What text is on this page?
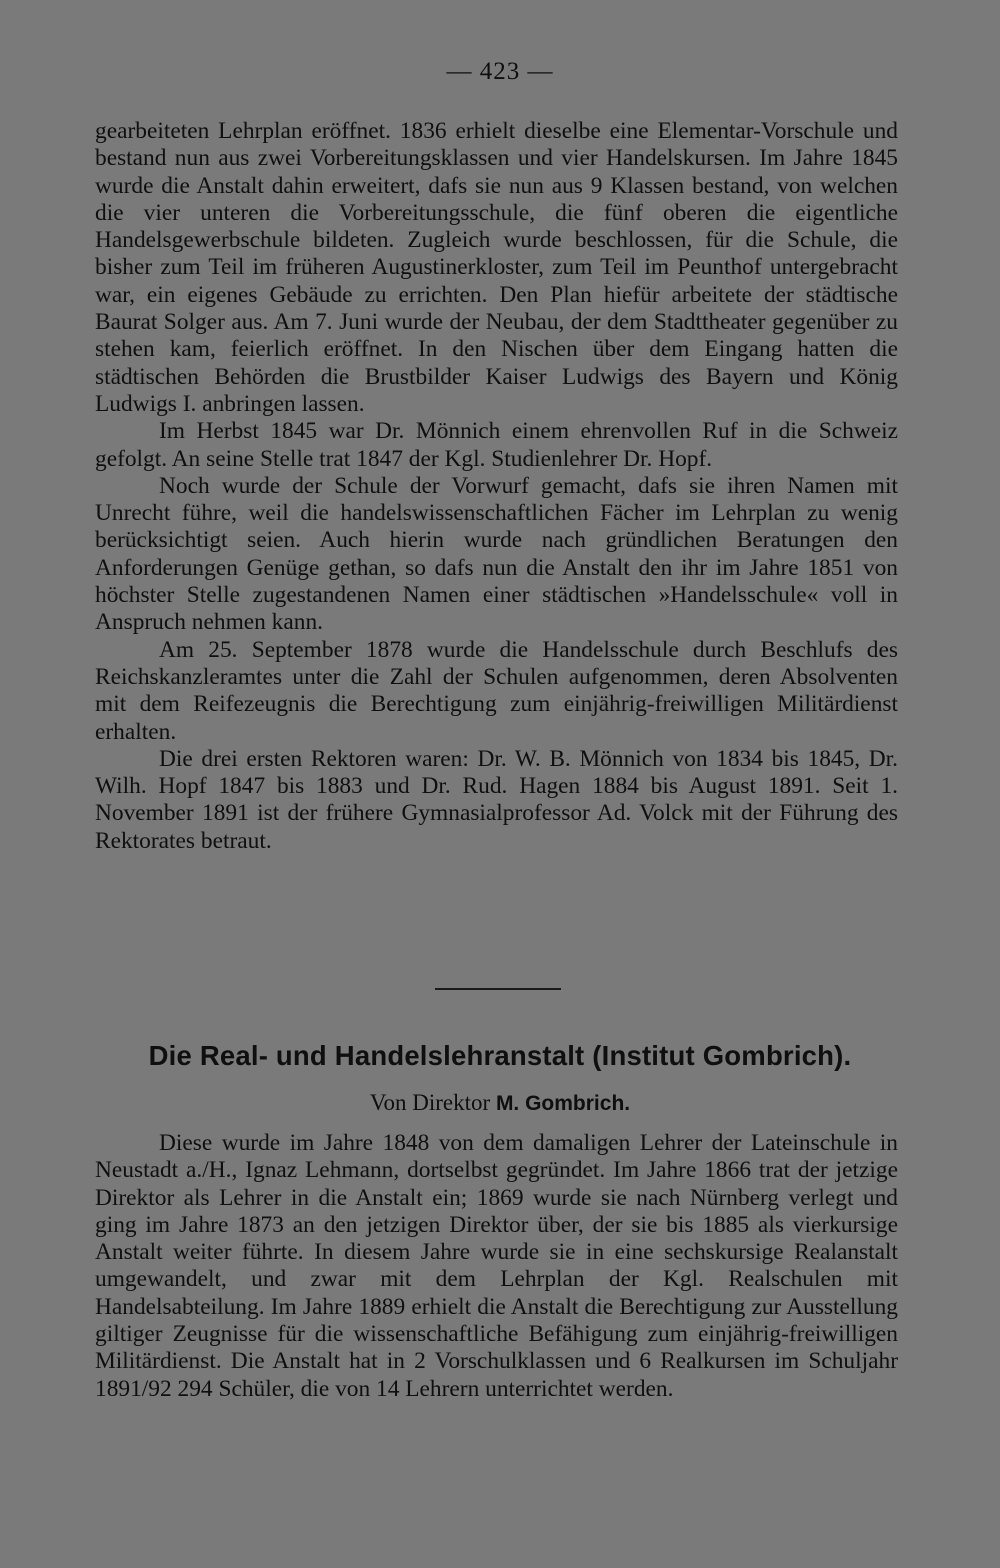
— 423 —

gearbeiteten Lehrplan eröffnet. 1836 erhielt dieselbe eine Elementar-Vorschule und bestand nun aus zwei Vorbereitungsklassen und vier Handelskursen. Im Jahre 1845 wurde die Anstalt dahin erweitert, dafs sie nun aus 9 Klassen bestand, von welchen die vier unteren die Vorbereitungsschule, die fünf oberen die eigentliche Handelsgewerbschule bildeten. Zugleich wurde beschlossen, für die Schule, die bisher zum Teil im früheren Augustinerkloster, zum Teil im Peunthof untergebracht war, ein eigenes Gebäude zu errichten. Den Plan hiefür arbeitete der städtische Baurat Solger aus. Am 7. Juni wurde der Neubau, der dem Stadttheater gegenüber zu stehen kam, feierlich eröffnet. In den Nischen über dem Eingang hatten die städtischen Behörden die Brustbilder Kaiser Ludwigs des Bayern und König Ludwigs I. anbringen lassen.

Im Herbst 1845 war Dr. Mönnich einem ehrenvollen Ruf in die Schweiz gefolgt. An seine Stelle trat 1847 der Kgl. Studienlehrer Dr. Hopf.

Noch wurde der Schule der Vorwurf gemacht, dafs sie ihren Namen mit Unrecht führe, weil die handelswissenschaftlichen Fächer im Lehrplan zu wenig berücksichtigt seien. Auch hierin wurde nach gründlichen Beratungen den Anforderungen Genüge gethan, so dafs nun die Anstalt den ihr im Jahre 1851 von höchster Stelle zugestandenen Namen einer städtischen »Handelsschule« voll in Anspruch nehmen kann.

Am 25. September 1878 wurde die Handelsschule durch Beschlufs des Reichskanzleramtes unter die Zahl der Schulen aufgenommen, deren Absolventen mit dem Reifezeugnis die Berechtigung zum einjährig-freiwilligen Militärdienst erhalten.

Die drei ersten Rektoren waren: Dr. W. B. Mönnich von 1834 bis 1845, Dr. Wilh. Hopf 1847 bis 1883 und Dr. Rud. Hagen 1884 bis August 1891. Seit 1. November 1891 ist der frühere Gymnasialprofessor Ad. Volck mit der Führung des Rektorates betraut.

Die Real- und Handelslehranstalt (Institut Gombrich).
Von Direktor M. Gombrich.

Diese wurde im Jahre 1848 von dem damaligen Lehrer der Lateinschule in Neustadt a./H., Ignaz Lehmann, dortselbst gegründet. Im Jahre 1866 trat der jetzige Direktor als Lehrer in die Anstalt ein; 1869 wurde sie nach Nürnberg verlegt und ging im Jahre 1873 an den jetzigen Direktor über, der sie bis 1885 als vierkursige Anstalt weiter führte. In diesem Jahre wurde sie in eine sechskursige Realanstalt umgewandelt, und zwar mit dem Lehrplan der Kgl. Realschulen mit Handelsabteilung. Im Jahre 1889 erhielt die Anstalt die Berechtigung zur Ausstellung giltiger Zeugnisse für die wissenschaftliche Befähigung zum einjährig-freiwilligen Militärdienst. Die Anstalt hat in 2 Vorschulklassen und 6 Realkursen im Schuljahr 1891/92 294 Schüler, die von 14 Lehrern unterrichtet werden.
